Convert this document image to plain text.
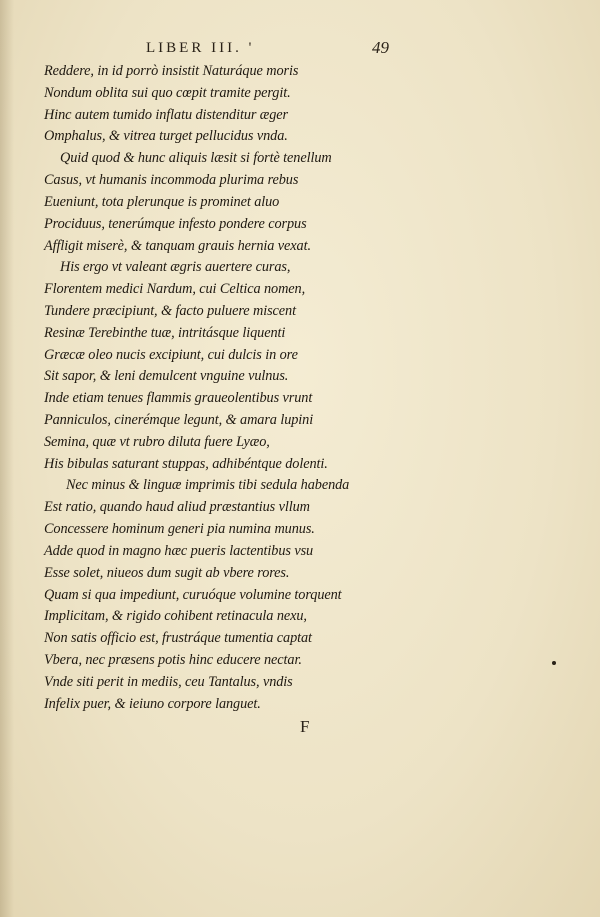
LIBER III. '	49
Reddere, in id porrò insistit Naturáque moris
Nondum oblita sui quo cœpit tramite pergit.
Hinc autem tumido inflatu distenditur æger
Omphalus, & vitrea turget pellucidus vnda.
Quid quod & hunc aliquis læsit si fortè tenellum
Casus, vt humanis incommoda plurima rebus
Eueniunt, tota plerunque is prominet aluo
Prociduus, tenerúmque infesto pondere corpus
Affligit miserè, & tanquam grauis hernia vexat.
His ergo vt valeant ægris auertere curas,
Florentem medici Nardum, cui Celtica nomen,
Tundere præcipiunt, & facto puluere miscent
Resinæ Terebinthe tuæ, intritásque liquenti
Græcæ oleo nucis excipiunt, cui dulcis in ore
Sit sapor, & leni demulcent vnguine vulnus.
Inde etiam tenues flammis graueolentibus vrunt
Panniculos, cinerémque legunt, & amara lupini
Semina, quæ vt rubro diluta fuere Lyæo,
His bibulas saturant stuppas, adhibéntque dolenti.
Nec minus & linguæ imprimis tibi sedula habenda
Est ratio, quando haud aliud præstantius vllum
Concessere hominum generi pia numina munus.
Adde quod in magno hæc pueris lactentibus vsu
Esse solet, niueos dum sugit ab vbere rores.
Quam si qua impediunt, curuóque volumine torquent
Implicitam, & rigido cohibent retinacula nexu,
Non satis officio est, frustráque tumentia captat
Vbera, nec præsens potis hinc educere nectar.
Vnde siti perit in mediis, ceu Tantalus, vndis
Infelix puer, & ieiuno corpore languet.
F
